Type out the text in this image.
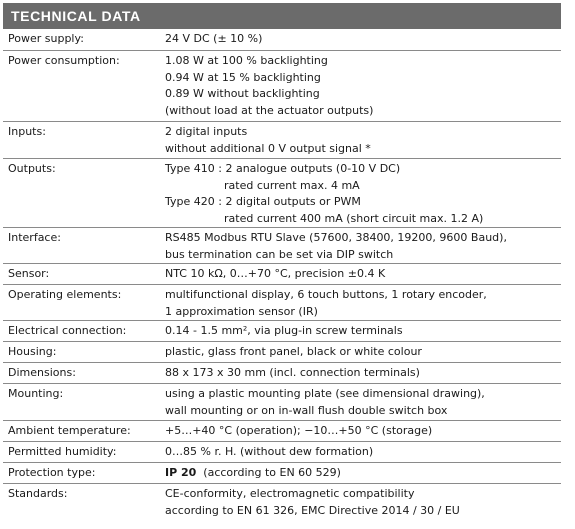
TECHNICAL DATA
Power supply:	24 V DC (± 10 %)
Power consumption:	1.08 W at 100 % backlighting
0.94 W at 15 % backlighting
0.89 W without backlighting
(without load at the actuator outputs)
Inputs:	2 digital inputs
without additional 0 V output signal *
Outputs:	Type 410 : 2 analogue outputs (0-10 V DC)
rated current max. 4 mA
Type 420 : 2 digital outputs or PWM
rated current 400 mA (short circuit max. 1.2 A)
Interface:	RS485 Modbus RTU Slave (57600, 38400, 19200, 9600 Baud),
bus termination can be set via DIP switch
Sensor:	NTC 10 kΩ, 0…+70 °C, precision ±0.4 K
Operating elements:	multifunctional display, 6 touch buttons, 1 rotary encoder,
1 approximation sensor (IR)
Electrical connection:	0.14 - 1.5 mm², via plug-in screw terminals
Housing:	plastic, glass front panel, black or white colour
Dimensions:	88 x 173 x 30 mm (incl. connection terminals)
Mounting:	using a plastic mounting plate (see dimensional drawing),
wall mounting or on in-wall flush double switch box
Ambient temperature:	+5…+40 °C (operation); −10…+50 °C (storage)
Permitted humidity:	0…85 % r. H. (without dew formation)
Protection type:	IP 20  (according to EN 60 529)
Standards:	CE-conformity, electromagnetic compatibility
according to EN 61 326, EMC Directive 2014 / 30 / EU
